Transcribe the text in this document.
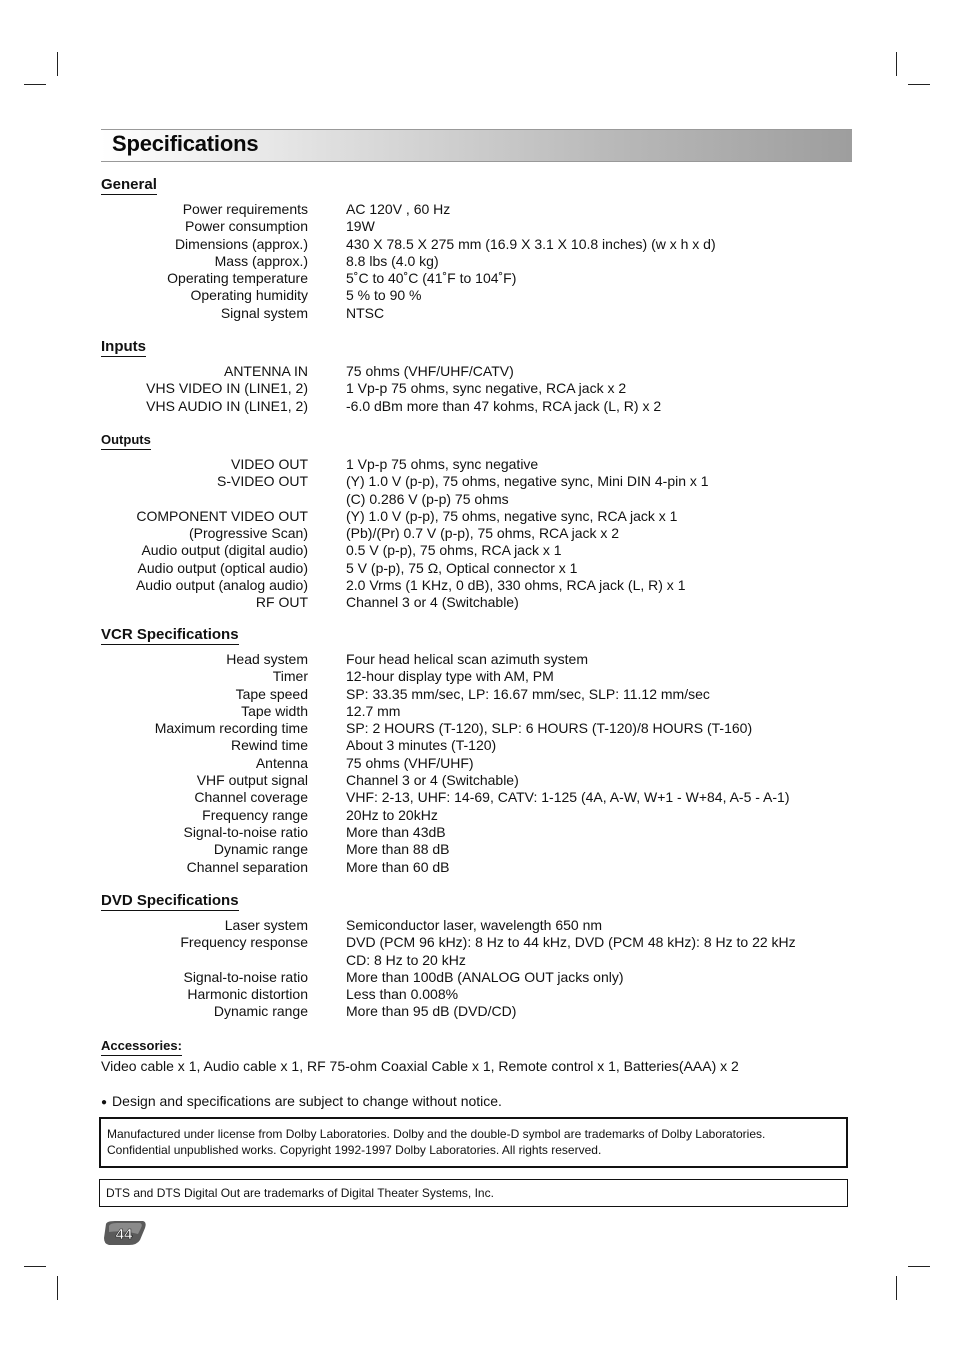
Specifications
General
Power requirements	AC 120V , 60 Hz
Power consumption	19W
Dimensions (approx.)	430 X 78.5 X 275 mm (16.9 X 3.1 X 10.8 inches) (w x h x d)
Mass (approx.)	8.8 lbs (4.0 kg)
Operating temperature	5˚C to 40˚C (41˚F to 104˚F)
Operating humidity	5 % to 90 %
Signal system	NTSC
Inputs
ANTENNA IN	75 ohms (VHF/UHF/CATV)
VHS VIDEO IN (LINE1, 2)	1 Vp-p 75 ohms, sync negative, RCA jack x 2
VHS AUDIO IN (LINE1, 2)	-6.0 dBm more than 47 kohms, RCA jack (L, R) x 2
Outputs
VIDEO OUT	1 Vp-p 75 ohms, sync negative
S-VIDEO OUT	(Y) 1.0 V (p-p), 75 ohms, negative sync, Mini DIN 4-pin x 1
(C) 0.286 V (p-p) 75 ohms
COMPONENT VIDEO OUT	(Y) 1.0 V (p-p), 75 ohms, negative sync, RCA jack x 1
(Progressive Scan)	(Pb)/(Pr) 0.7 V (p-p), 75 ohms, RCA jack x 2
Audio output (digital audio)	0.5 V (p-p), 75 ohms, RCA jack x 1
Audio output (optical audio)	5 V (p-p), 75 Ω, Optical connector x 1
Audio output (analog audio)	2.0 Vrms (1 KHz, 0 dB), 330 ohms, RCA jack (L, R) x 1
RF OUT	Channel 3 or 4 (Switchable)
VCR Specifications
Head system	Four head helical scan azimuth system
Timer	12-hour display type with AM, PM
Tape speed	SP: 33.35 mm/sec, LP: 16.67 mm/sec, SLP: 11.12 mm/sec
Tape width	12.7 mm
Maximum recording time	SP: 2 HOURS (T-120), SLP: 6 HOURS (T-120)/8 HOURS (T-160)
Rewind time	About 3 minutes (T-120)
Antenna	75 ohms (VHF/UHF)
VHF output signal	Channel 3 or 4 (Switchable)
Channel coverage	VHF: 2-13, UHF: 14-69, CATV: 1-125 (4A, A-W, W+1 - W+84, A-5 - A-1)
Frequency range	20Hz to 20kHz
Signal-to-noise ratio	More than 43dB
Dynamic range	More than 88 dB
Channel separation	More than 60 dB
DVD Specifications
Laser system	Semiconductor laser, wavelength 650 nm
Frequency response	DVD (PCM 96 kHz): 8 Hz to 44 kHz, DVD (PCM 48 kHz): 8 Hz to 22 kHz
CD: 8 Hz to 20 kHz
Signal-to-noise ratio	More than 100dB (ANALOG OUT jacks only)
Harmonic distortion	Less than 0.008%
Dynamic range	More than 95 dB (DVD/CD)
Accessories:
Video cable x 1, Audio cable x 1, RF 75-ohm Coaxial Cable x 1, Remote control x 1, Batteries(AAA) x 2
● Design and specifications are subject to change without notice.
Manufactured under license from Dolby Laboratories. Dolby and the double-D symbol are trademarks of Dolby Laboratories.
Confidential unpublished works. Copyright 1992-1997 Dolby Laboratories. All rights reserved.
DTS and DTS Digital Out are trademarks of Digital Theater Systems, Inc.
44
